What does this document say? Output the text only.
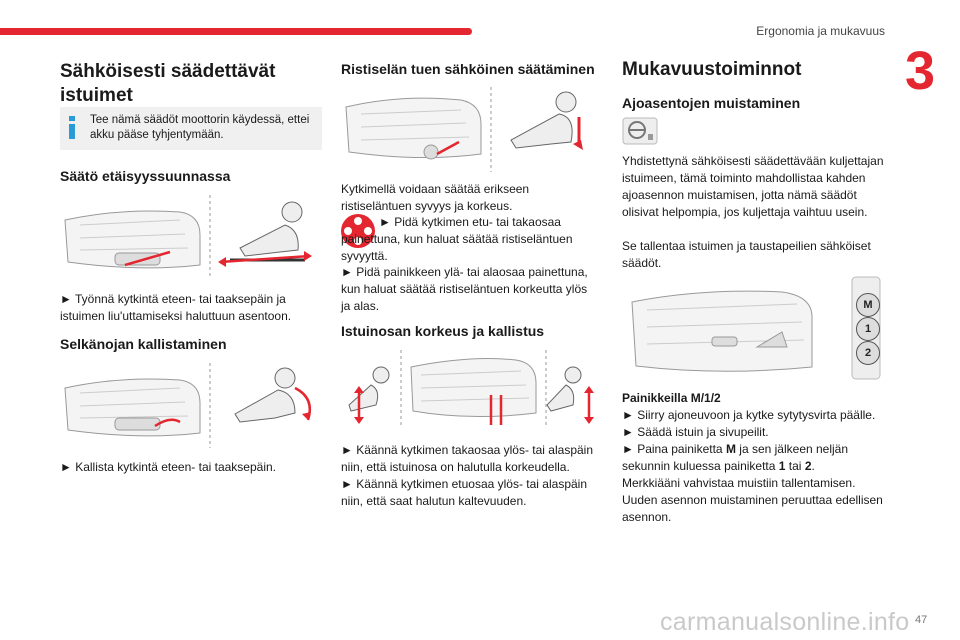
Ergonomia ja mukavuus
3
Sähköisesti säädettävät istuimet
Tee nämä säädöt moottorin käydessä, ettei akku pääse tyhjentymään.
Säätö etäisyyssuunnassa

► Työnnä kytkintä eteen- tai taaksepäin ja istuimen liu'uttamiseksi haluttuun asentoon.

Selkänojan kallistaminen

► Kallista kytkintä eteen- tai taaksepäin.

Ristiselän tuen sähköinen säätäminen

Kytkimellä voidaan säätää erikseen ristiseläntuen syvyys ja korkeus.

► Pidä kytkimen etu- tai takaosaa painettuna, kun haluat säätää ristiseläntuen syvyyttä.

► Pidä painikkeen ylä- tai alaosaa painettuna, kun haluat säätää ristiseläntuen korkeutta ylös ja alas.

Istuinosan korkeus ja kallistus

► Käännä kytkimen takaosaa ylös- tai alaspäin niin, että istuinosa on halutulla korkeudella.

► Käännä kytkimen etuosaa ylös- tai alaspäin niin, että saat halutun kaltevuuden.

Mukavuustoiminnot
Ajoasentojen muistaminen

Yhdistettynä sähköisesti säädettävään kuljettajan istuimeen, tämä toiminto mahdollistaa kahden ajoasennon muistamisen, jotta nämä säädöt olisivat helpompia, jos kuljettaja vaihtuu usein.

Se tallentaa istuimen ja taustapeilien sähköiset säädöt.

M
1
2

Painikkeilla M/1/2

► Siirry ajoneuvoon ja kytke sytytysvirta päälle.

► Säädä istuin ja sivupeilit.

► Paina painiketta M ja sen jälkeen neljän sekunnin kuluessa painiketta 1 tai 2.

Merkkiääni vahvistaa muistiin tallentamisen.

Uuden asennon muistaminen peruuttaa edellisen asennon.

carmanualsonline.info 47
